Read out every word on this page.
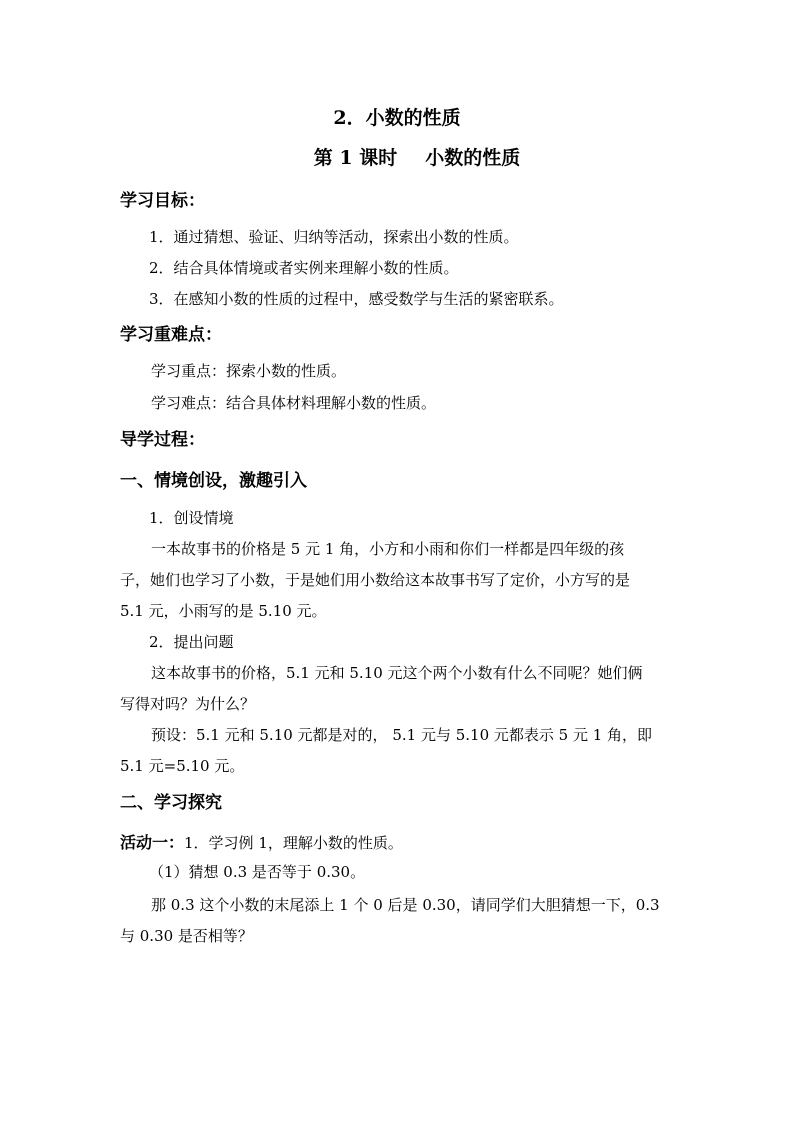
2．小数的性质
第 1 课时 小数的性质
学习目标：
1．通过猜想、验证、归纳等活动，探索出小数的性质。
2．结合具体情境或者实例来理解小数的性质。
3．在感知小数的性质的过程中，感受数学与生活的紧密联系。
学习重难点：
学习重点：探索小数的性质。
学习难点：结合具体材料理解小数的性质。
导学过程：
一、情境创设，激趣引入
1．创设情境
一本故事书的价格是 5 元 1 角，小方和小雨和你们一样都是四年级的孩
子，她们也学习了小数，于是她们用小数给这本故事书写了定价，小方写的是
5.1 元，小雨写的是 5.10 元。
2．提出问题
这本故事书的价格，5.1 元和 5.10 元这个两个小数有什么不同呢？她们俩
写得对吗？为什么？
预设：5.1 元和 5.10 元都是对的， 5.1 元与 5.10 元都表示 5 元 1 角，即
5.1 元=5.10 元。
二、学习探究
活动一：1．学习例 1，理解小数的性质。
（1）猜想 0.3 是否等于 0.30。
那 0.3 这个小数的末尾添上 1 个 0 后是 0.30，请同学们大胆猜想一下，0.3
与 0.30 是否相等？
